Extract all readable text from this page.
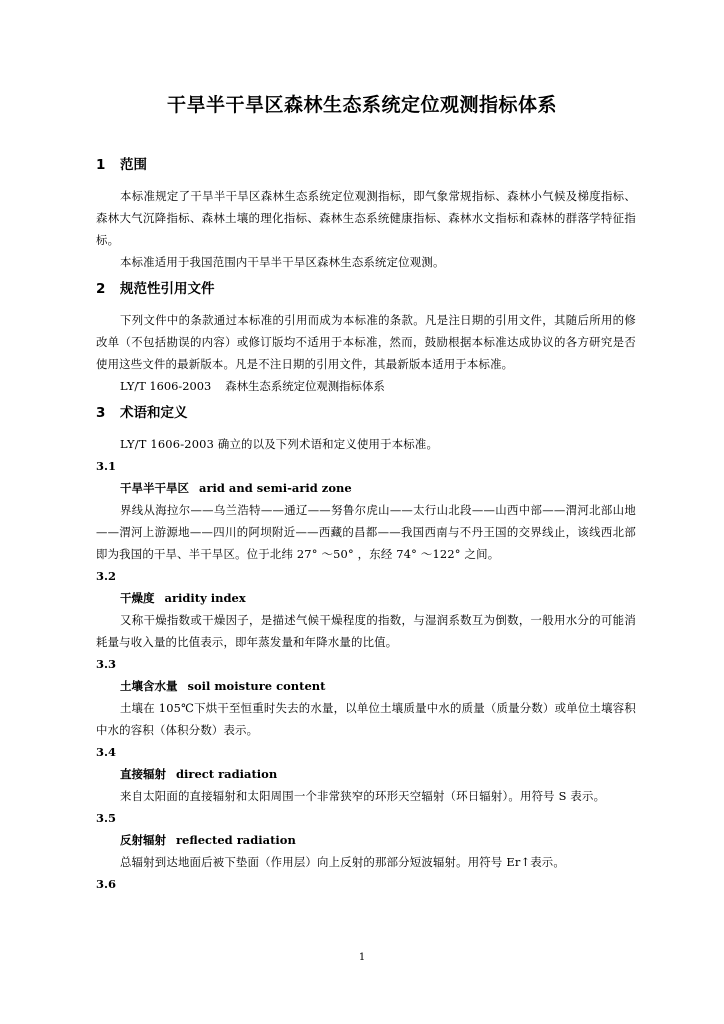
干旱半干旱区森林生态系统定位观测指标体系
1 范围

本标准规定了干旱半干旱区森林生态系统定位观测指标，即气象常规指标、森林小气候及梯度指标、森林大气沉降指标、森林土壤的理化指标、森林生态系统健康指标、森林水文指标和森林的群落学特征指标。

本标准适用于我国范围内干旱半干旱区森林生态系统定位观测。

2 规范性引用文件

下列文件中的条款通过本标准的引用而成为本标准的条款。凡是注日期的引用文件，其随后所用的修改单（不包括勘误的内容）或修订版均不适用于本标准，然而，鼓励根据本标准达成协议的各方研究是否使用这些文件的最新版本。凡是不注日期的引用文件，其最新版本适用于本标准。

LY/T 1606-2003 森林生态系统定位观测指标体系
3 术语和定义

LY/T 1606-2003 确立的以及下列术语和定义使用于本标准。

3.1
干旱半干旱区 arid and semi-arid zone

界线从海拉尔——乌兰浩特——通辽——努鲁尔虎山——太行山北段——山西中部——渭河北部山地——渭河上游源地——四川的阿坝附近——西藏的昌都——我国西南与不丹王国的交界线止，该线西北部即为我国的干旱、半干旱区。位于北纬 27° ～50° ，东经 74° ～122° 之间。

3.2
干燥度 aridity index

又称干燥指数或干燥因子，是描述气候干燥程度的指数，与湿润系数互为倒数，一般用水分的可能消耗量与收入量的比值表示，即年蒸发量和年降水量的比值。

3.3
土壤含水量 soil moisture content

土壤在 105℃下烘干至恒重时失去的水量，以单位土壤质量中水的质量（质量分数）或单位土壤容积中水的容积（体积分数）表示。

3.4
直接辐射 direct radiation

来自太阳面的直接辐射和太阳周围一个非常狭窄的环形天空辐射（环日辐射）。用符号 S 表示。

3.5
反射辐射 reflected radiation

总辐射到达地面后被下垫面（作用层）向上反射的那部分短波辐射。用符号 Er↑表示。

3.6
1
